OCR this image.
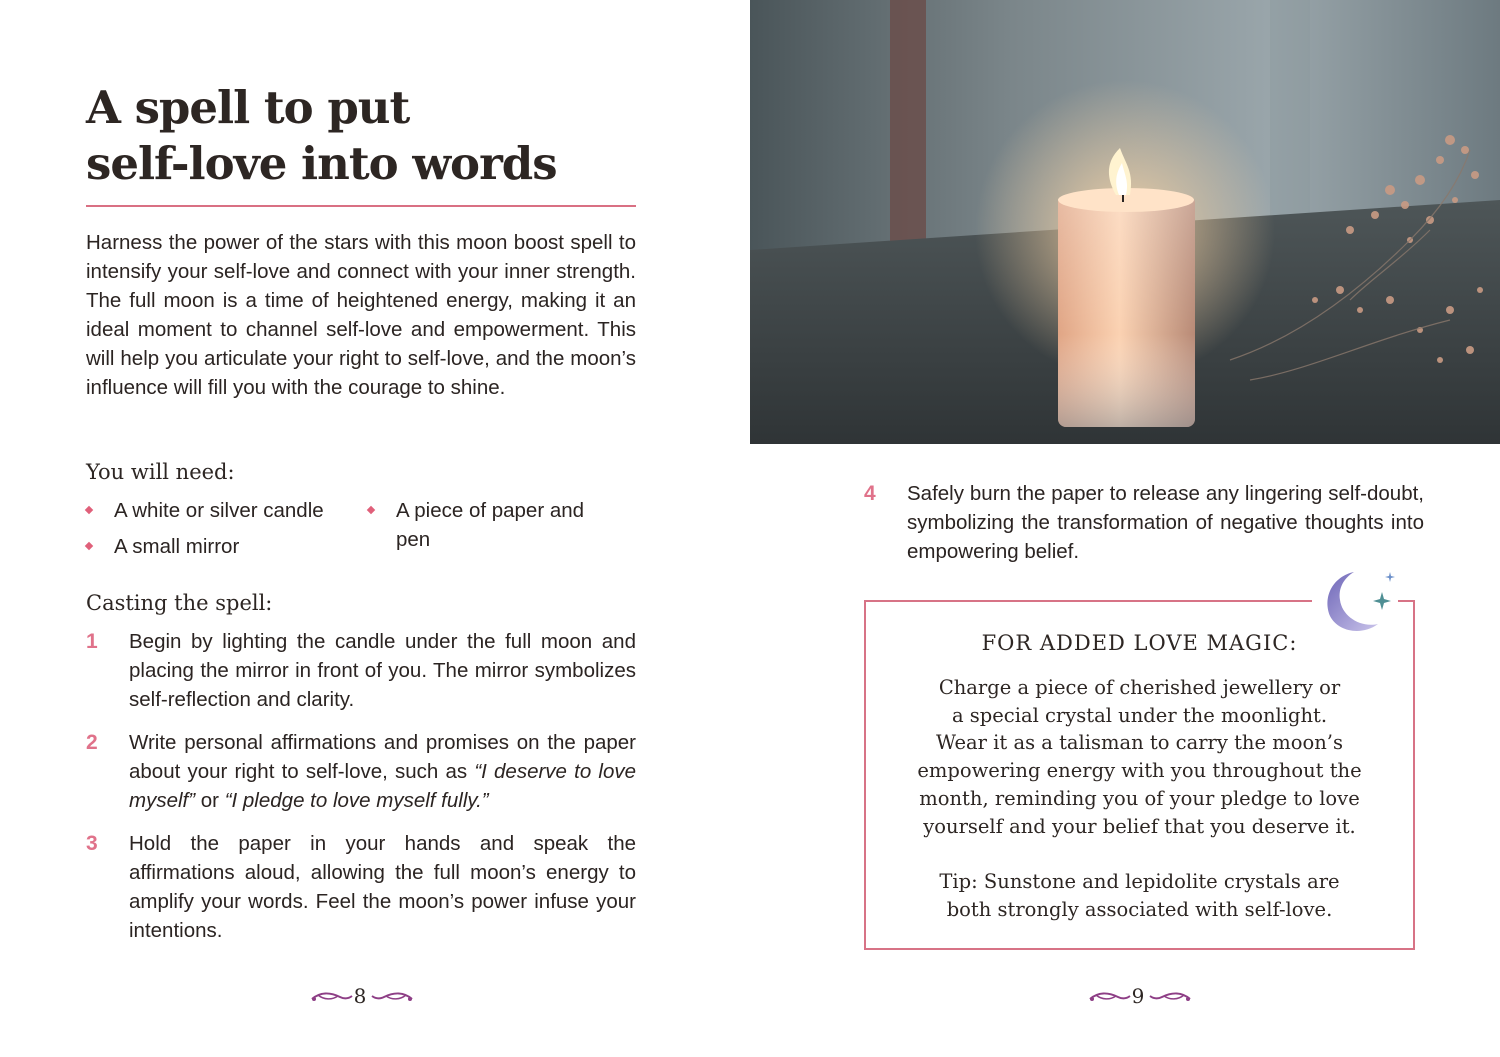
A spell to put
self-love into words

Harness the power of the stars with this moon boost spell to intensify your self-love and connect with your inner strength. The full moon is a time of heightened energy, making it an ideal moment to channel self-love and empowerment. This will help you articulate your right to self-love, and the moon’s influence will fill you with the courage to shine.

You will need:
A white or silver candle
A small mirror
A piece of paper and pen
Casting the spell:
1 Begin by lighting the candle under the full moon and placing the mirror in front of you. The mirror symbolizes self-reflection and clarity.

2 Write personal affirmations and promises on the paper about your right to self-love, such as “I deserve to love myself” or “I pledge to love myself fully.”

3 Hold the paper in your hands and speak the affirmations aloud, allowing the full moon’s energy to amplify your words. Feel the moon’s power infuse your intentions.

8
4 Safely burn the paper to release any lingering self-doubt, symbolizing the transformation of negative thoughts into empowering belief.

FOR ADDED LOVE MAGIC:
Charge a piece of cherished jewellery or
a special crystal under the moonlight.
Wear it as a talisman to carry the moon’s
empowering energy with you throughout the
month, reminding you of your pledge to love
yourself and your belief that you deserve it.
Tip: Sunstone and lepidolite crystals are
both strongly associated with self-love.
9
